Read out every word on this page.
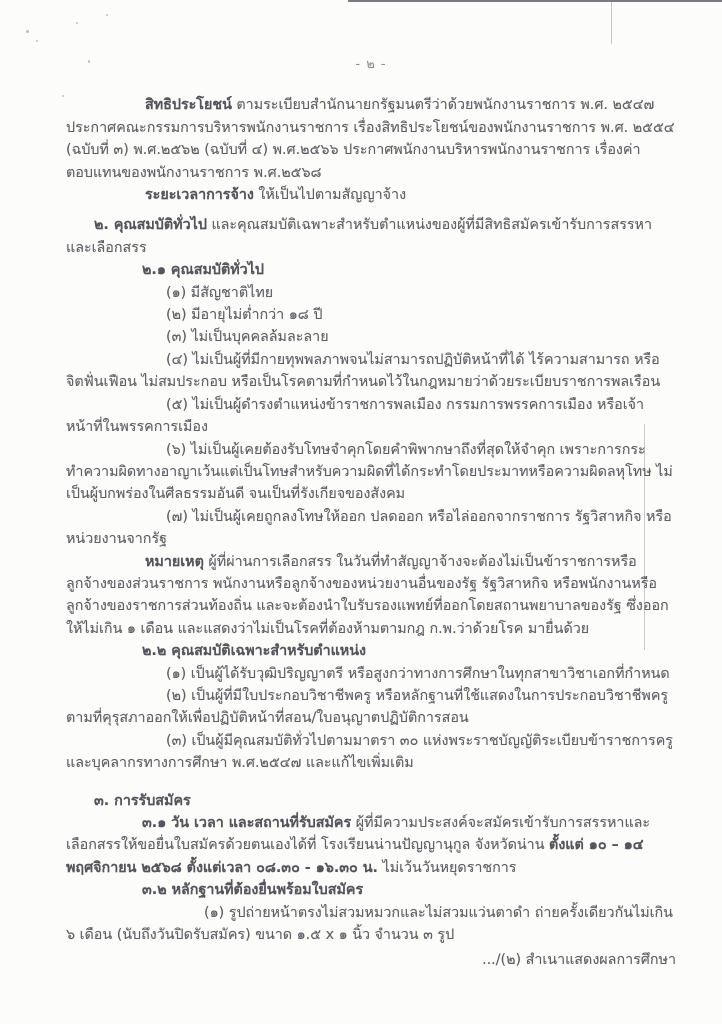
- ๒ -

สิทธิประโยชน์ ตามระเบียบสำนักนายกรัฐมนตรีว่าด้วยพนักงานราชการ พ.ศ. ๒๕๔๗ ประกาศคณะกรรมการบริหารพนักงานราชการ เรื่องสิทธิประโยชน์ของพนักงานราชการ พ.ศ. ๒๕๕๔ (ฉบับที่ ๓) พ.ศ.๒๕๖๒ (ฉบับที่ ๔) พ.ศ.๒๕๖๖ ประกาศพนักงานบริหารพนักงานราชการ เรื่องค่าตอบแทนของพนักงานราชการ พ.ศ.๒๕๖๘

ระยะเวลาการจ้าง ให้เป็นไปตามสัญญาจ้าง

๒. คุณสมบัติทั่วไป และคุณสมบัติเฉพาะสำหรับตำแหน่งของผู้ที่มีสิทธิสมัครเข้ารับการสรรหาและเลือกสรร

๒.๑ คุณสมบัติทั่วไป

(๑) มีสัญชาติไทย

(๒) มีอายุไม่ต่ำกว่า ๑๘ ปี

(๓) ไม่เป็นบุคคลล้มละลาย

(๔) ไม่เป็นผู้ที่มีกายทุพพลภาพจนไม่สามารถปฏิบัติหน้าที่ได้ ไร้ความสามารถ หรือจิตฟั่นเฟือน ไม่สมประกอบ หรือเป็นโรคตามที่กำหนดไว้ในกฎหมายว่าด้วยระเบียบราชการพลเรือน

(๕) ไม่เป็นผู้ดำรงตำแหน่งข้าราชการพลเมือง กรรมการพรรคการเมือง หรือเจ้าหน้าที่ในพรรคการเมือง

(๖) ไม่เป็นผู้เคยต้องรับโทษจำคุกโดยคำพิพากษาถึงที่สุดให้จำคุก เพราะการกระทำความผิดทางอาญาเว้นแต่เป็นโทษสำหรับความผิดที่ได้กระทำโดยประมาทหรือความผิดลหุโทษ ไม่เป็นผู้บกพร่องในศีลธรรมอันดี จนเป็นที่รังเกียจของสังคม

(๗) ไม่เป็นผู้เคยถูกลงโทษให้ออก ปลดออก หรือไล่ออกจากราชการ รัฐวิสาหกิจ หรือหน่วยงานจากรัฐ

หมายเหตุ ผู้ที่ผ่านการเลือกสรร ในวันที่ทำสัญญาจ้างจะต้องไม่เป็นข้าราชการหรือลูกจ้างของส่วนราชการ พนักงานหรือลูกจ้างของหน่วยงานอื่นของรัฐ รัฐวิสาหกิจ หรือพนักงานหรือลูกจ้างของราชการส่วนท้องถิ่น และจะต้องนำใบรับรองแพทย์ที่ออกโดยสถานพยาบาลของรัฐ ซึ่งออกให้ไม่เกิน ๑ เดือน และแสดงว่าไม่เป็นโรคที่ต้องห้ามตามกฎ ก.พ.ว่าด้วยโรค มายื่นด้วย

๒.๒ คุณสมบัติเฉพาะสำหรับตำแหน่ง

(๑) เป็นผู้ได้รับวุฒิปริญญาตรี หรือสูงกว่าทางการศึกษาในทุกสาขาวิชาเอกที่กำหนด

(๒) เป็นผู้ที่มีใบประกอบวิชาชีพครู หรือหลักฐานที่ใช้แสดงในการประกอบวิชาชีพครูตามที่คุรุสภาออกให้เพื่อปฏิบัติหน้าที่สอน/ใบอนุญาตปฏิบัติการสอน

(๓) เป็นผู้มีคุณสมบัติทั่วไปตามมาตรา ๓๐ แห่งพระราชบัญญัติระเบียบข้าราชการครูและบุคลากรทางการศึกษา พ.ศ.๒๕๔๗ และแก้ไขเพิ่มเติม

๓. การรับสมัคร

๓.๑ วัน เวลา และสถานที่รับสมัคร ผู้ที่มีความประสงค์จะสมัครเข้ารับการสรรหาและเลือกสรรให้ขอยื่นใบสมัครด้วยตนเองได้ที่ โรงเรียนน่านปัญญานุกูล จังหวัดน่าน ตั้งแต่ ๑๐ – ๑๔ พฤศจิกายน ๒๕๖๘ ตั้งแต่เวลา ๐๘.๓๐ - ๑๖.๓๐ น. ไม่เว้นวันหยุดราชการ

๓.๒ หลักฐานที่ต้องยื่นพร้อมใบสมัคร

(๑) รูปถ่ายหน้าตรงไม่สวมหมวกและไม่สวมแว่นตาดำ ถ่ายครั้งเดียวกันไม่เกิน ๖ เดือน (นับถึงวันปิดรับสมัคร) ขนาด ๑.๕ x ๑ นิ้ว จำนวน ๓ รูป

.../(๒) สำเนาแสดงผลการศึกษา
